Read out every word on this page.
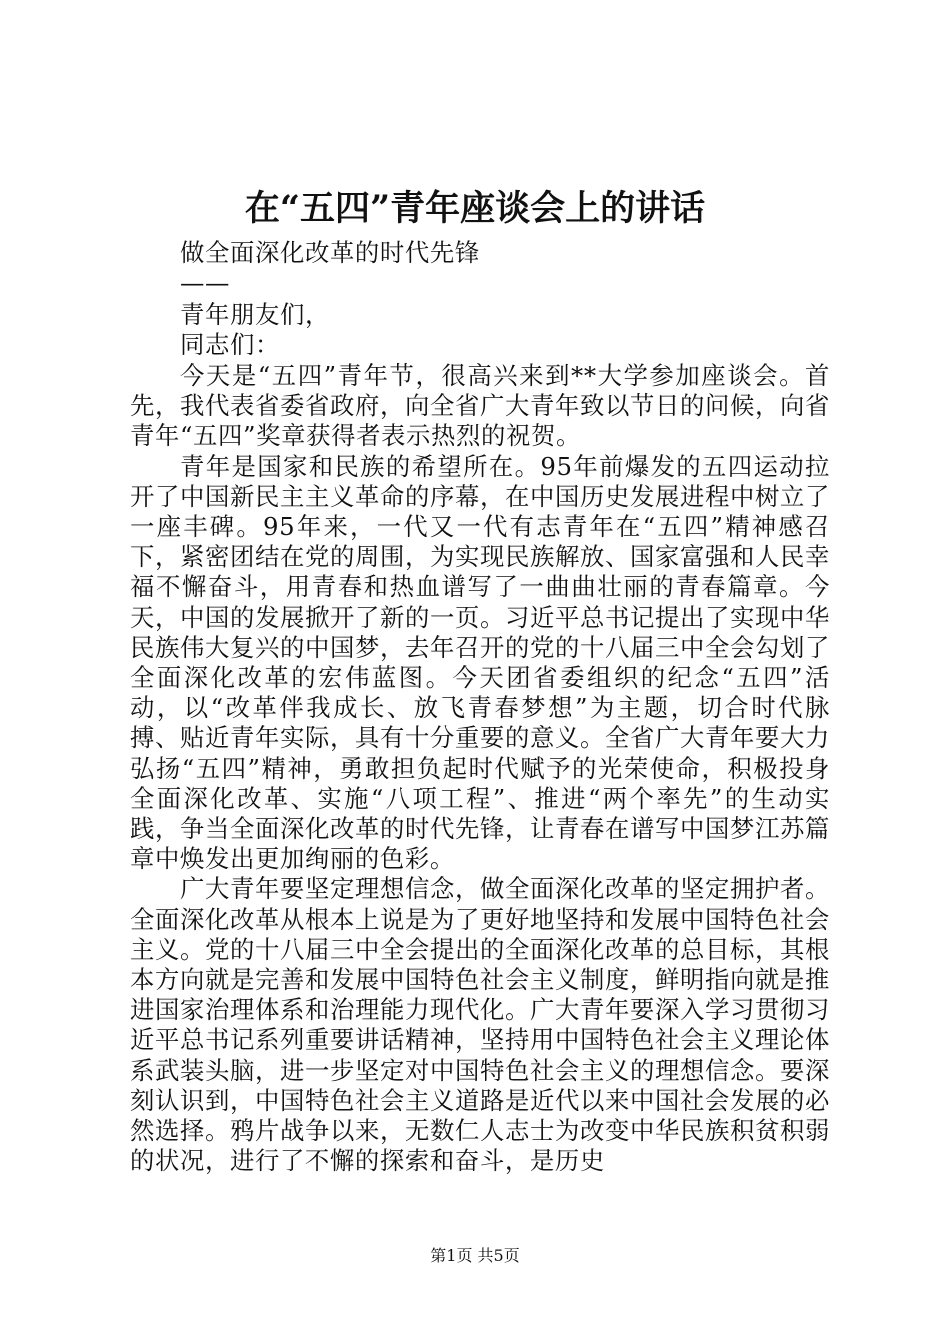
在“五四”青年座谈会上的讲话
做全面深化改革的时代先锋
——
青年朋友们，
同志们：

今天是“五四”青年节，很高兴来到**大学参加座谈会。首先，我代表省委省政府，向全省广大青年致以节日的问候，向省青年“五四”奖章获得者表示热烈的祝贺。

青年是国家和民族的希望所在。95年前爆发的五四运动拉开了中国新民主主义革命的序幕，在中国历史发展进程中树立了一座丰碑。95年来，一代又一代有志青年在“五四”精神感召下，紧密团结在党的周围，为实现民族解放、国家富强和人民幸福不懈奋斗，用青春和热血谱写了一曲曲壮丽的青春篇章。今天，中国的发展掀开了新的一页。习近平总书记提出了实现中华民族伟大复兴的中国梦，去年召开的党的十八届三中全会勾划了全面深化改革的宏伟蓝图。今天团省委组织的纪念“五四”活动，以“改革伴我成长、放飞青春梦想”为主题，切合时代脉搏、贴近青年实际，具有十分重要的意义。全省广大青年要大力弘扬“五四”精神，勇敢担负起时代赋予的光荣使命，积极投身全面深化改革、实施“八项工程”、推进“两个率先”的生动实践，争当全面深化改革的时代先锋，让青春在谱写中国梦江苏篇章中焕发出更加绚丽的色彩。

广大青年要坚定理想信念，做全面深化改革的坚定拥护者。全面深化改革从根本上说是为了更好地坚持和发展中国特色社会主义。党的十八届三中全会提出的全面深化改革的总目标，其根本方向就是完善和发展中国特色社会主义制度，鲜明指向就是推进国家治理体系和治理能力现代化。广大青年要深入学习贯彻习近平总书记系列重要讲话精神，坚持用中国特色社会主义理论体系武装头脑，进一步坚定对中国特色社会主义的理想信念。要深刻认识到，中国特色社会主义道路是近代以来中国社会发展的必然选择。鸦片战争以来，无数仁人志士为改变中华民族积贫积弱的状况，进行了不懈的探索和奋斗，是历史

第1页 共5页
